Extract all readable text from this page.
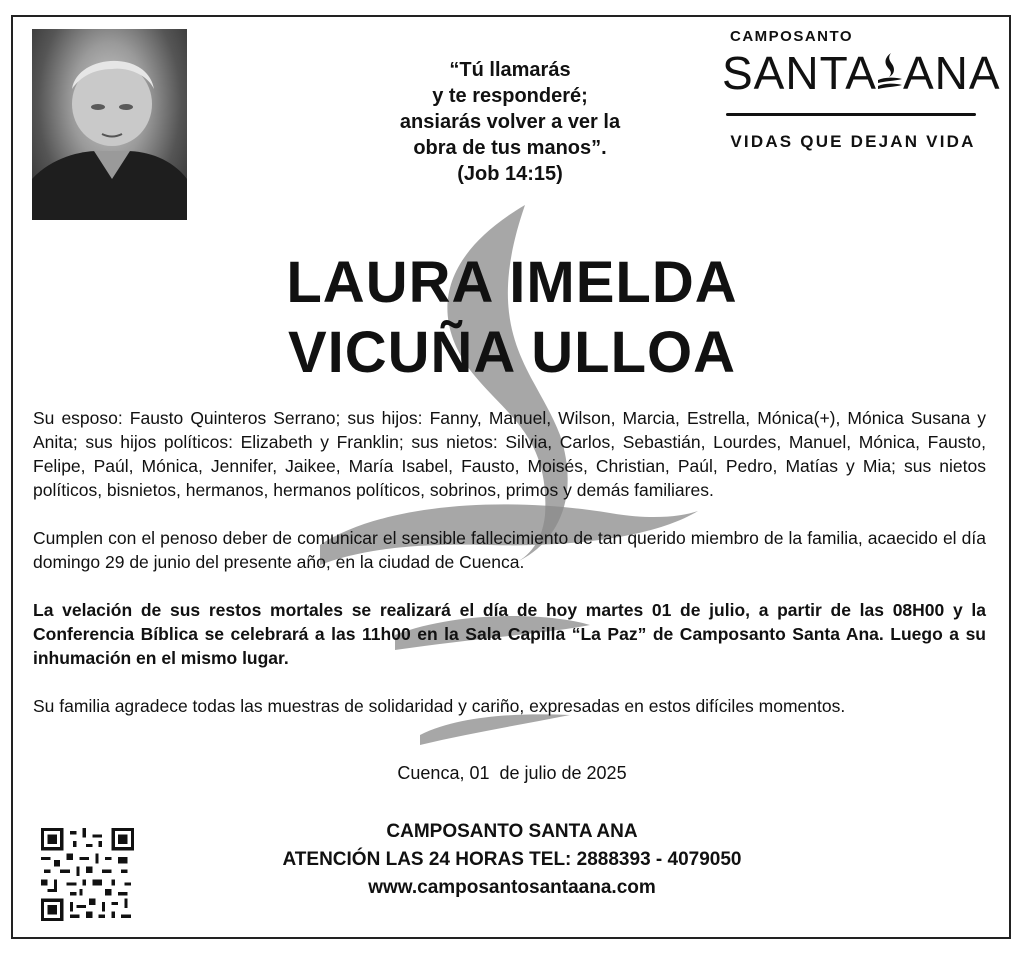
“Tú llamarás
y te responderé;
ansiarás volver a ver la
obra de tus manos”.
(Job 14:15)
CAMPOSANTO
SANTA ANA
VIDAS QUE DEJAN VIDA
LAURA IMELDA
VICUÑA ULLOA

Su esposo: Fausto Quinteros Serrano; sus hijos: Fanny, Manuel, Wilson, Marcia, Estrella, Mónica(+), Mónica Susana y Anita; sus hijos políticos: Elizabeth y Franklin; sus nietos: Silvia, Carlos, Sebastián, Lourdes, Manuel, Mónica, Fausto, Felipe, Paúl, Mónica, Jennifer, Jaikee, María Isabel, Fausto, Moisés, Christian, Paúl, Pedro, Matías y Mia; sus nietos políticos, bisnietos, hermanos, hermanos políticos, sobrinos, primos y demás familiares.

Cumplen con el penoso deber de comunicar el sensible fallecimiento de tan querido miembro de la familia, acaecido el día domingo 29 de junio del presente año, en la ciudad de Cuenca.

La velación de sus restos mortales se realizará el día de hoy martes 01 de julio, a partir de las 08H00 y la Conferencia Bíblica se celebrará a las 11h00 en la Sala Capilla “La Paz” de Camposanto Santa Ana. Luego a su inhumación en el mismo lugar.

Su familia agradece todas las muestras de solidaridad y cariño, expresadas en estos difíciles momentos.

Cuenca, 01  de julio de 2025
CAMPOSANTO SANTA ANA
ATENCIÓN LAS 24 HORAS TEL: 2888393 - 4079050
www.camposantosantaana.com
